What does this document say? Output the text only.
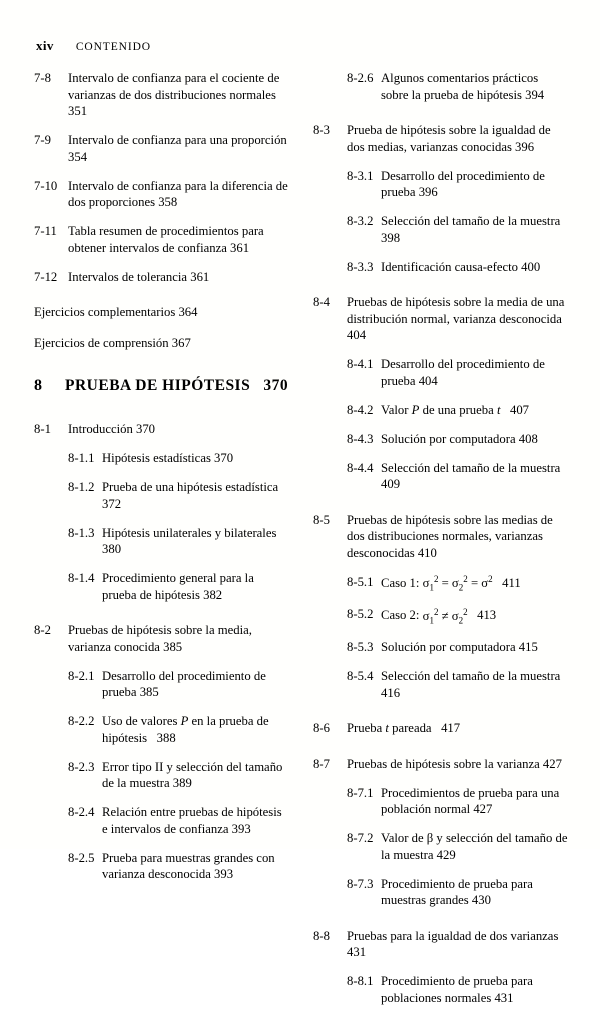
xiv CONTENIDO
7-8	Intervalo de confianza para el cociente de varianzas de dos distribuciones normales 351
7-9	Intervalo de confianza para una proporción 354
7-10 Intervalo de confianza para la diferencia de dos proporciones 358
7-11 Tabla resumen de procedimientos para obtener intervalos de confianza 361
7-12 Intervalos de tolerancia 361
Ejercicios complementarios 364
Ejercicios de comprensión 367
8	PRUEBA DE HIPÓTESIS 370
8-1	Introducción 370
8-1.1 Hipótesis estadísticas 370
8-1.2 Prueba de una hipótesis estadística 372
8-1.3 Hipótesis unilaterales y bilaterales 380
8-1.4 Procedimiento general para la prueba de hipótesis 382
8-2	Pruebas de hipótesis sobre la media, varianza conocida 385
8-2.1 Desarrollo del procedimiento de prueba 385
8-2.2 Uso de valores P en la prueba de hipótesis   388
8-2.3 Error tipo II y selección del tamaño de la muestra 389
8-2.4 Relación entre pruebas de hipótesis e intervalos de confianza 393
8-2.5 Prueba para muestras grandes con varianza desconocida 393
8-2.6 Algunos comentarios prácticos sobre la prueba de hipótesis 394
8-3	Prueba de hipótesis sobre la igualdad de dos medias, varianzas conocidas 396
8-3.1 Desarrollo del procedimiento de prueba 396
8-3.2 Selección del tamaño de la muestra 398
8-3.3 Identificación causa-efecto 400
8-4	Pruebas de hipótesis sobre la media de una distribución normal, varianza desconocida 404
8-4.1 Desarrollo del procedimiento de prueba 404
8-4.2 Valor P de una prueba t   407
8-4.3 Solución por computadora 408
8-4.4 Selección del tamaño de la muestra 409
8-5	Pruebas de hipótesis sobre las medias de dos distribuciones normales, varianzas desconocidas 410
8-5.1 Caso 1: $\sigma_1^2 = \sigma_2^2 = \sigma^2$   411
8-5.2 Caso 2: $\sigma_1^2 \ne \sigma_2^2$   413
8-5.3 Solución por computadora 415
8-5.4 Selección del tamaño de la muestra 416
8-6	Prueba t pareada   417
8-7	Pruebas de hipótesis sobre la varianza 427
8-7.1 Procedimientos de prueba para una población normal 427
8-7.2 Valor de β y selección del tamaño de la muestra 429
8-7.3 Procedimiento de prueba para muestras grandes 430
8-8	Pruebas para la igualdad de dos varianzas 431
8-8.1 Procedimiento de prueba para poblaciones normales 431
